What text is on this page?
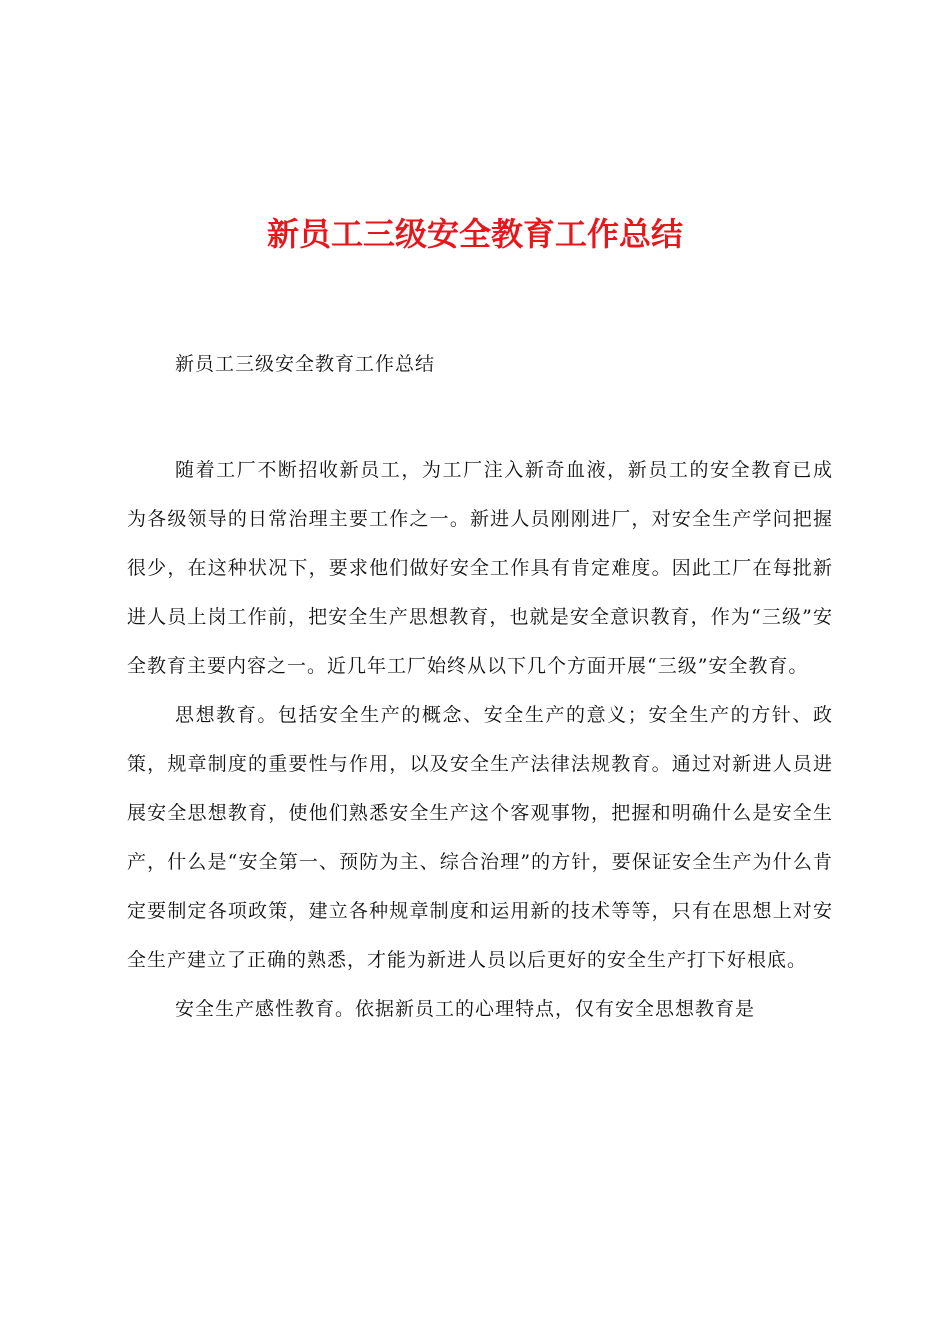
新员工三级安全教育工作总结

新员工三级安全教育工作总结

随着工厂不断招收新员工，为工厂注入新奇血液，新员工的安全教育已成为各级领导的日常治理主要工作之一。新进人员刚刚进厂，对安全生产学问把握很少，在这种状况下，要求他们做好安全工作具有肯定难度。因此工厂在每批新进人员上岗工作前，把安全生产思想教育，也就是安全意识教育，作为“三级”安全教育主要内容之一。近几年工厂始终从以下几个方面开展“三级”安全教育。

思想教育。包括安全生产的概念、安全生产的意义；安全生产的方针、政策，规章制度的重要性与作用，以及安全生产法律法规教育。通过对新进人员进展安全思想教育，使他们熟悉安全生产这个客观事物，把握和明确什么是安全生产，什么是“安全第一、预防为主、综合治理”的方针，要保证安全生产为什么肯定要制定各项政策，建立各种规章制度和运用新的技术等等，只有在思想上对安全生产建立了正确的熟悉，才能为新进人员以后更好的安全生产打下好根底。

安全生产感性教育。依据新员工的心理特点，仅有安全思想教育是
